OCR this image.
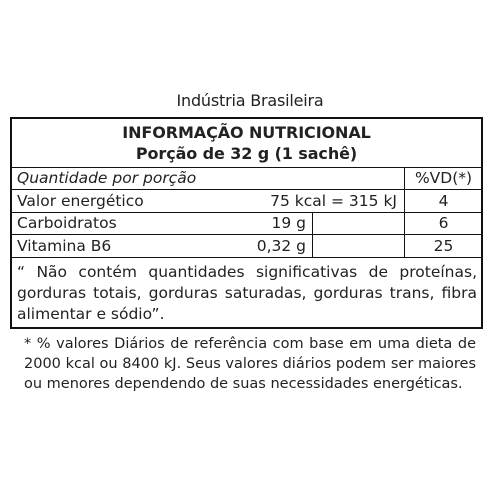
Indústria Brasileira
INFORMAÇÃO NUTRICIONAL
Porção de 32 g (1 sachê)
Quantidade por porção	%VD(*)
Valor energético	75 kcal = 315 kJ	4
Carboidratos	19 g	6
Vitamina B6	0,32 g	25
“ Não contém quantidades significativas de proteínas, gorduras totais, gorduras saturadas, gorduras trans, fibra alimentar e sódio”.
* % valores Diários de referência com base em uma dieta de 2000 kcal ou 8400 kJ. Seus valores diários podem ser maiores ou menores dependendo de suas necessidades energéticas.
